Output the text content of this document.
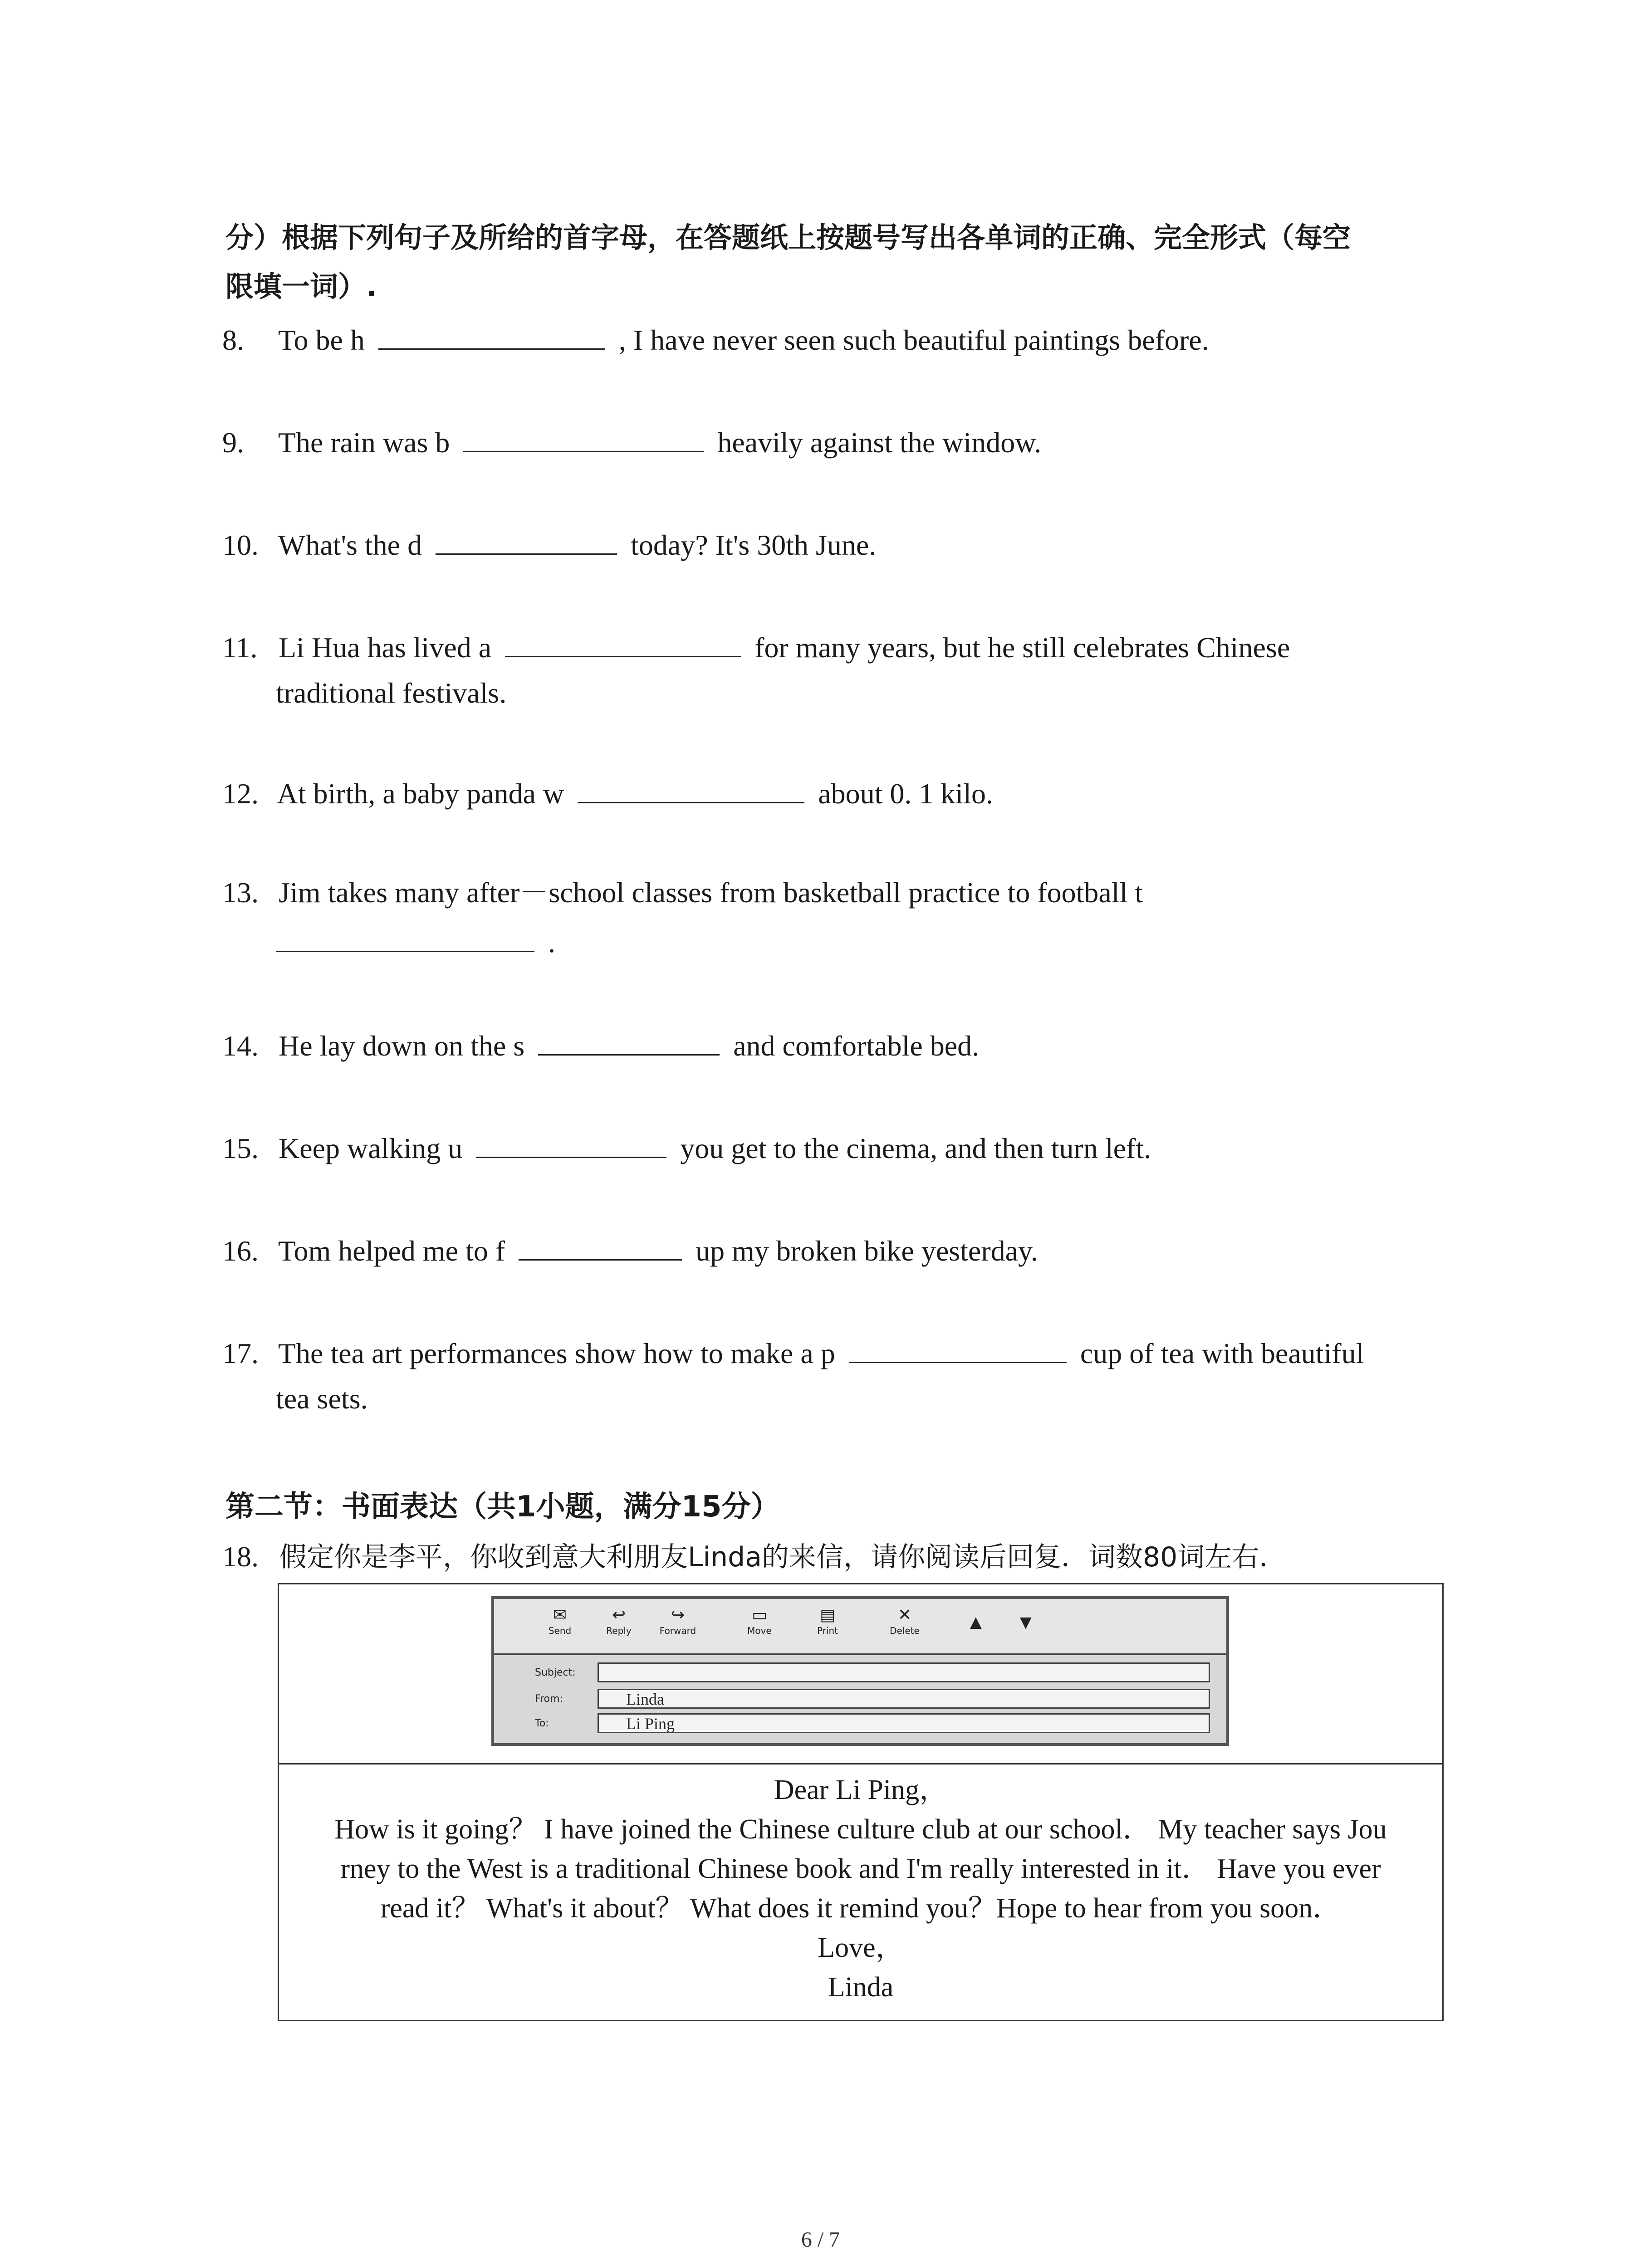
分）根据下列句子及所给的首字母，在答题纸上按题号写出各单词的正确、完全形式（每空
限填一词）.
8. To be h	, I have never seen such beautiful paintings before.
9. The rain was b	heavily against the window.
10. What's the d	today? It's 30th June.
11. Li Hua has lived a	for many years, but he still celebrates Chinese
traditional festivals.
12. At birth, a baby panda w	about 0. 1 kilo.
13. Jim takes many after－school classes from basketball practice to football t
.
14. He lay down on the s	and comfortable bed.
15. Keep walking u	you get to the cinema, and then turn left.
16. Tom helped me to f	up my broken bike yesterday.
17. The tea art performances show how to make a p	cup of tea with beautiful
tea sets.
第二节：书面表达（共1小题，满分15分）
18. 假定你是李平，你收到意大利朋友Linda的来信，请你阅读后回复．词数80词左右．
✉
Send
↩
Reply
↪
Forward
▭
Move
▤
Print
✕
Delete	▲ ▼
Subject:
From:	Linda
To:	Li Ping

Dear Li Ping，

How is it going？ I have joined the Chinese culture club at our school． My teacher says Jou

rney to the West is a traditional Chinese book and I'm really interested in it． Have you ever

read it？ What's it about？ What does it remind you？Hope to hear from you soon．

Love，

Linda

6 / 7
